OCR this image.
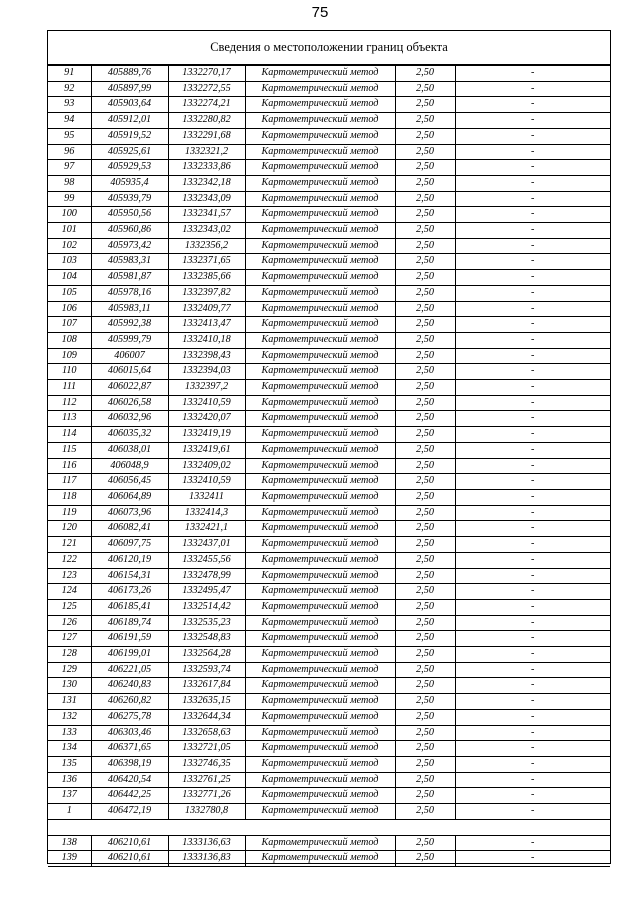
75
Сведения о местоположении границ объекта
91	405889,76	1332270,17	Картометрический метод	2,50	-
92	405897,99	1332272,55	Картометрический метод	2,50	-
93	405903,64	1332274,21	Картометрический метод	2,50	-
94	405912,01	1332280,82	Картометрический метод	2,50	-
95	405919,52	1332291,68	Картометрический метод	2,50	-
96	405925,61	1332321,2	Картометрический метод	2,50	-
97	405929,53	1332333,86	Картометрический метод	2,50	-
98	405935,4	1332342,18	Картометрический метод	2,50	-
99	405939,79	1332343,09	Картометрический метод	2,50	-
100	405950,56	1332341,57	Картометрический метод	2,50	-
101	405960,86	1332343,02	Картометрический метод	2,50	-
102	405973,42	1332356,2	Картометрический метод	2,50	-
103	405983,31	1332371,65	Картометрический метод	2,50	-
104	405981,87	1332385,66	Картометрический метод	2,50	-
105	405978,16	1332397,82	Картометрический метод	2,50	-
106	405983,11	1332409,77	Картометрический метод	2,50	-
107	405992,38	1332413,47	Картометрический метод	2,50	-
108	405999,79	1332410,18	Картометрический метод	2,50	-
109	406007	1332398,43	Картометрический метод	2,50	-
110	406015,64	1332394,03	Картометрический метод	2,50	-
111	406022,87	1332397,2	Картометрический метод	2,50	-
112	406026,58	1332410,59	Картометрический метод	2,50	-
113	406032,96	1332420,07	Картометрический метод	2,50	-
114	406035,32	1332419,19	Картометрический метод	2,50	-
115	406038,01	1332419,61	Картометрический метод	2,50	-
116	406048,9	1332409,02	Картометрический метод	2,50	-
117	406056,45	1332410,59	Картометрический метод	2,50	-
118	406064,89	1332411	Картометрический метод	2,50	-
119	406073,96	1332414,3	Картометрический метод	2,50	-
120	406082,41	1332421,1	Картометрический метод	2,50	-
121	406097,75	1332437,01	Картометрический метод	2,50	-
122	406120,19	1332455,56	Картометрический метод	2,50	-
123	406154,31	1332478,99	Картометрический метод	2,50	-
124	406173,26	1332495,47	Картометрический метод	2,50	-
125	406185,41	1332514,42	Картометрический метод	2,50	-
126	406189,74	1332535,23	Картометрический метод	2,50	-
127	406191,59	1332548,83	Картометрический метод	2,50	-
128	406199,01	1332564,28	Картометрический метод	2,50	-
129	406221,05	1332593,74	Картометрический метод	2,50	-
130	406240,83	1332617,84	Картометрический метод	2,50	-
131	406260,82	1332635,15	Картометрический метод	2,50	-
132	406275,78	1332644,34	Картометрический метод	2,50	-
133	406303,46	1332658,63	Картометрический метод	2,50	-
134	406371,65	1332721,05	Картометрический метод	2,50	-
135	406398,19	1332746,35	Картометрический метод	2,50	-
136	406420,54	1332761,25	Картометрический метод	2,50	-
137	406442,25	1332771,26	Картометрический метод	2,50	-
1	406472,19	1332780,8	Картометрический метод	2,50	-

138	406210,61	1333136,63	Картометрический метод	2,50	-
139	406210,61	1333136,83	Картометрический метод	2,50	-
